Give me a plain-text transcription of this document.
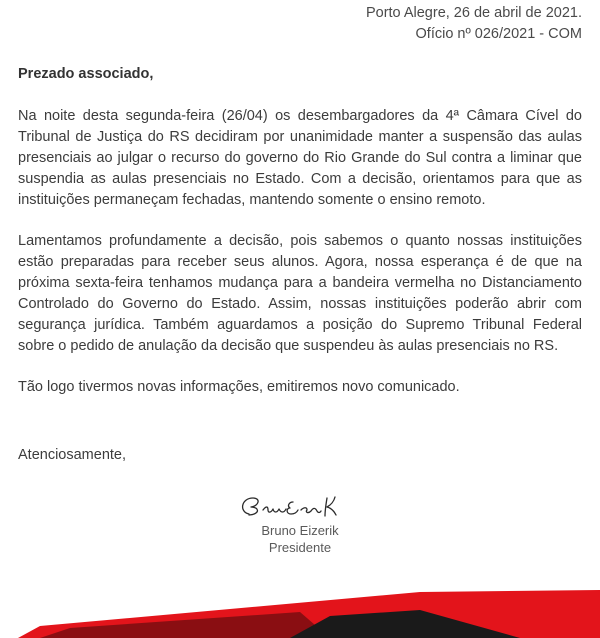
Porto Alegre, 26 de abril de 2021.
Ofício nº 026/2021 - COM

Prezado associado,

Na noite desta segunda-feira (26/04) os desembargadores da 4ª Câmara Cível do Tribunal de Justiça do RS decidiram por unanimidade manter a suspensão das aulas presenciais ao julgar o recurso do governo do Rio Grande do Sul contra a liminar que suspendia as aulas presenciais no Estado. Com a decisão, orientamos para que as instituições permaneçam fechadas, mantendo somente o ensino remoto.

Lamentamos profundamente a decisão, pois sabemos o quanto nossas instituições estão preparadas para receber seus alunos. Agora, nossa esperança é de que na próxima sexta-feira tenhamos mudança para a bandeira vermelha no Distanciamento Controlado do Governo do Estado. Assim, nossas instituições poderão abrir com segurança jurídica. Também aguardamos a posição do Supremo Tribunal Federal sobre o pedido de anulação da decisão que suspendeu às aulas presenciais no RS.

Tão logo tivermos novas informações, emitiremos novo comunicado.

Atenciosamente,
Bruno Eizerik
Presidente
